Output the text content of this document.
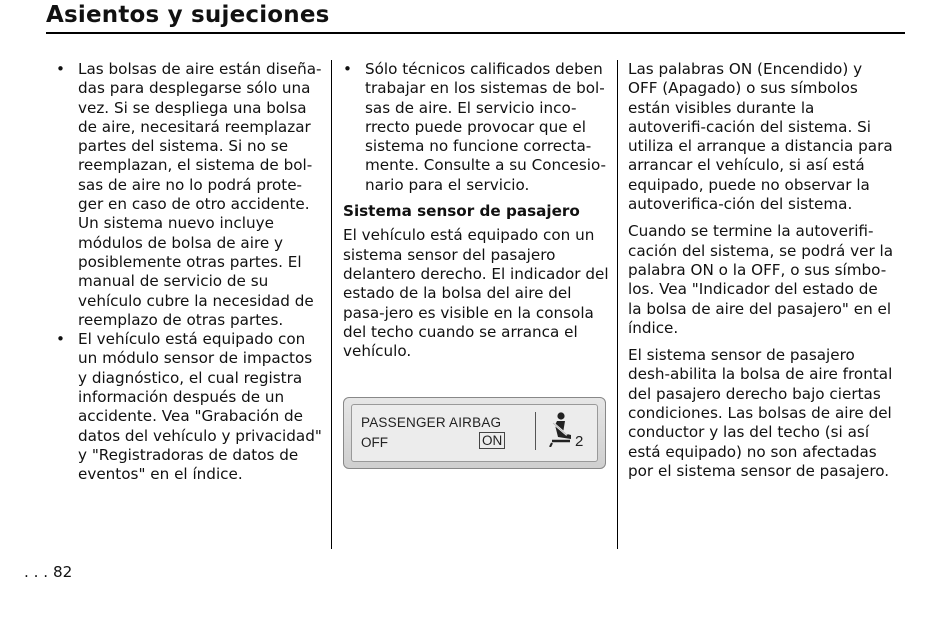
Asientos y sujeciones

• Las bolsas de aire están diseña-das para desplegarse sólo una vez. Si se despliega una bolsa de aire, necesitará reemplazar partes del sistema. Si no se reemplazan, el sistema de bol-sas de aire no lo podrá prote-ger en caso de otro accidente. Un sistema nuevo incluye módulos de bolsa de aire y posiblemente otras partes. El manual de servicio de su vehículo cubre la necesidad de reemplazo de otras partes.

• El vehículo está equipado con un módulo sensor de impactos y diagnóstico, el cual registra información después de un accidente. Vea "Grabación de datos del vehículo y privacidad" y "Registradoras de datos de eventos" en el índice.

• Sólo técnicos calificados deben trabajar en los sistemas de bol-sas de aire. El servicio inco-rrecto puede provocar que el sistema no funcione correcta-mente. Consulte a su Concesio-nario para el servicio.

Sistema sensor de pasajero

El vehículo está equipado con un sistema sensor del pasajero delantero derecho. El indicador del estado de la bolsa del aire del pasa-jero es visible en la consola del techo cuando se arranca el vehículo.

PASSENGER AIRBAG
OFF	ON	2

Las palabras ON (Encendido) y OFF (Apagado) o sus símbolos están visibles durante la autoverifi-cación del sistema. Si utiliza el arranque a distancia para arrancar el vehículo, si así está equipado, puede no observar la autoverifica-ción del sistema.

Cuando se termine la autoverifi-cación del sistema, se podrá ver la palabra ON o la OFF, o sus símbo-los. Vea "Indicador del estado de la bolsa de aire del pasajero" en el índice.

El sistema sensor de pasajero desh-abilita la bolsa de aire frontal del pasajero derecho bajo ciertas condiciones. Las bolsas de aire del conductor y las del techo (si así está equipado) no son afectadas por el sistema sensor de pasajero.

. . . 82
